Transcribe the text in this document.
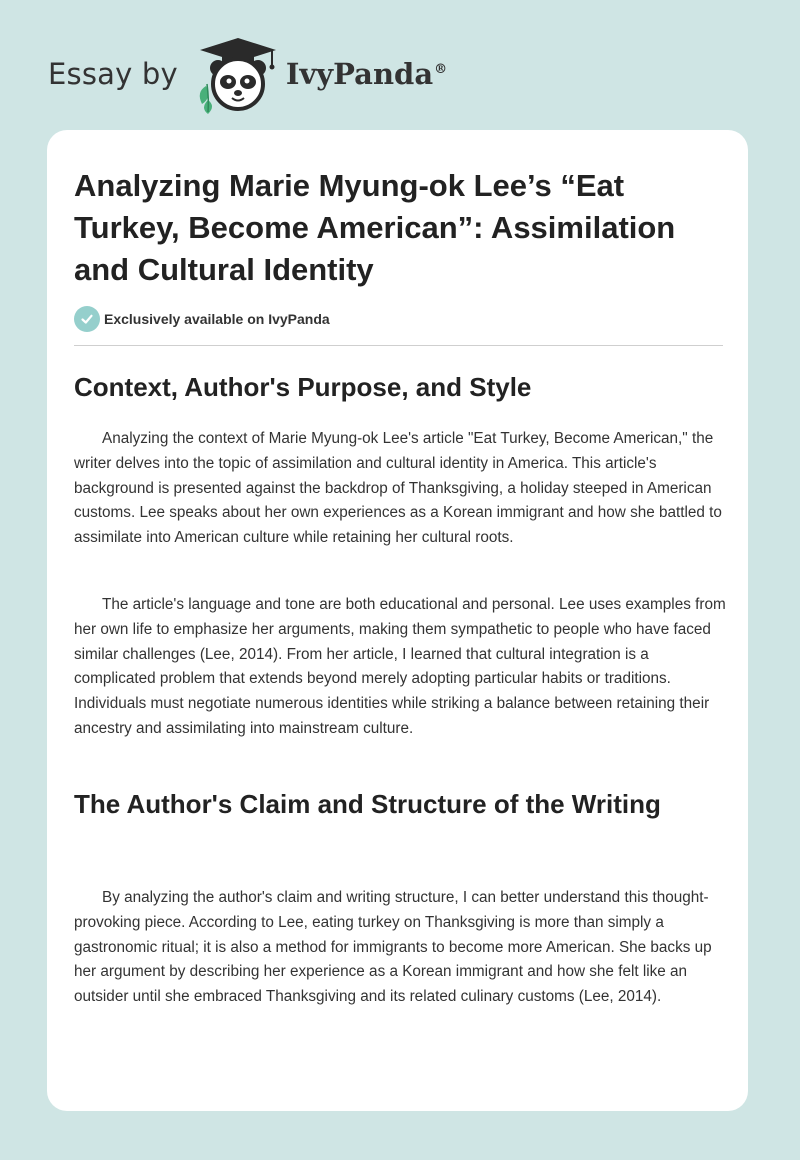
Essay by	IvyPanda®
Analyzing Marie Myung-ok Lee’s “Eat Turkey, Become American”: Assimilation and Cultural Identity
Exclusively available on IvyPanda
Context, Author's Purpose, and Style

Analyzing the context of Marie Myung-ok Lee's article "Eat Turkey, Become American," the writer delves into the topic of assimilation and cultural identity in America. This article's background is presented against the backdrop of Thanksgiving, a holiday steeped in American customs. Lee speaks about her own experiences as a Korean immigrant and how she battled to assimilate into American culture while retaining her cultural roots.

The article's language and tone are both educational and personal. Lee uses examples from her own life to emphasize her arguments, making them sympathetic to people who have faced similar challenges (Lee, 2014). From her article, I learned that cultural integration is a complicated problem that extends beyond merely adopting particular habits or traditions. Individuals must negotiate numerous identities while striking a balance between retaining their ancestry and assimilating into mainstream culture.

The Author's Claim and Structure of the Writing

By analyzing the author's claim and writing structure, I can better understand this thought-provoking piece. According to Lee, eating turkey on Thanksgiving is more than simply a gastronomic ritual; it is also a method for immigrants to become more American. She backs up her argument by describing her experience as a Korean immigrant and how she felt like an outsider until she embraced Thanksgiving and its related culinary customs (Lee, 2014).
